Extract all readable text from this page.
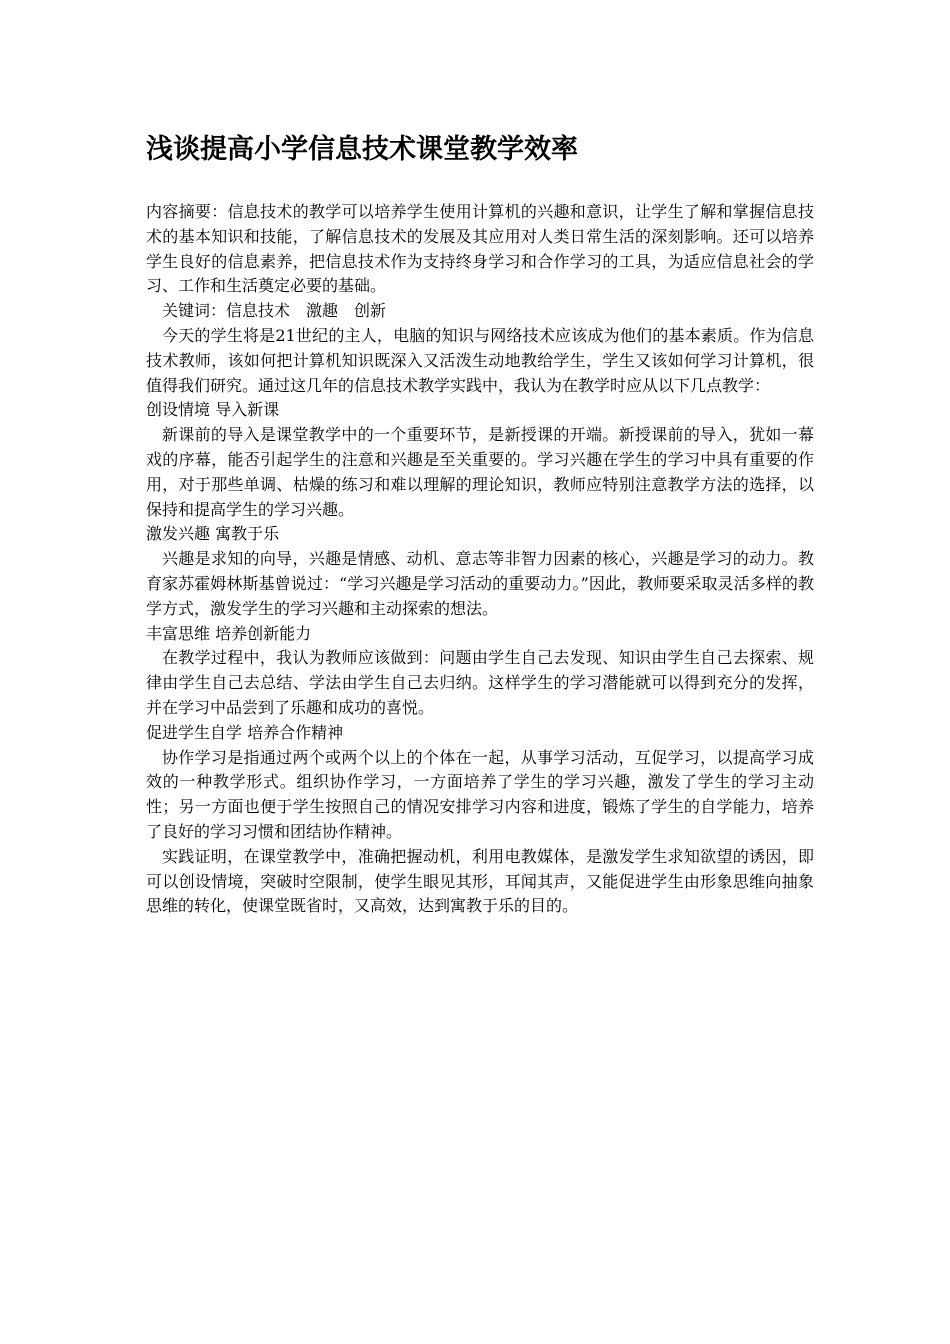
浅谈提高小学信息技术课堂教学效率

内容摘要：信息技术的教学可以培养学生使用计算机的兴趣和意识，让学生了解和掌握信息技术的基本知识和技能，了解信息技术的发展及其应用对人类日常生活的深刻影响。还可以培养学生良好的信息素养，把信息技术作为支持终身学习和合作学习的工具，为适应信息社会的学习、工作和生活奠定必要的基础。

关键词：信息技术　激趣　创新

今天的学生将是21世纪的主人，电脑的知识与网络技术应该成为他们的基本素质。作为信息技术教师，该如何把计算机知识既深入又活泼生动地教给学生，学生又该如何学习计算机，很值得我们研究。通过这几年的信息技术教学实践中，我认为在教学时应从以下几点教学：

创设情境 导入新课

新课前的导入是课堂教学中的一个重要环节，是新授课的开端。新授课前的导入，犹如一幕戏的序幕，能否引起学生的注意和兴趣是至关重要的。学习兴趣在学生的学习中具有重要的作用，对于那些单调、枯燥的练习和难以理解的理论知识，教师应特别注意教学方法的选择，以保持和提高学生的学习兴趣。

激发兴趣 寓教于乐

兴趣是求知的向导，兴趣是情感、动机、意志等非智力因素的核心，兴趣是学习的动力。教育家苏霍姆林斯基曾说过：“学习兴趣是学习活动的重要动力。”因此，教师要采取灵活多样的教学方式，激发学生的学习兴趣和主动探索的想法。

丰富思维 培养创新能力

在教学过程中，我认为教师应该做到：问题由学生自己去发现、知识由学生自己去探索、规律由学生自己去总结、学法由学生自己去归纳。这样学生的学习潜能就可以得到充分的发挥，并在学习中品尝到了乐趣和成功的喜悦。

促进学生自学 培养合作精神

协作学习是指通过两个或两个以上的个体在一起，从事学习活动，互促学习，以提高学习成效的一种教学形式。组织协作学习，一方面培养了学生的学习兴趣，激发了学生的学习主动性；另一方面也便于学生按照自己的情况安排学习内容和进度，锻炼了学生的自学能力，培养了良好的学习习惯和团结协作精神。

实践证明，在课堂教学中，准确把握动机，利用电教媒体，是激发学生求知欲望的诱因，即可以创设情境，突破时空限制，使学生眼见其形，耳闻其声，又能促进学生由形象思维向抽象思维的转化，使课堂既省时，又高效，达到寓教于乐的目的。
